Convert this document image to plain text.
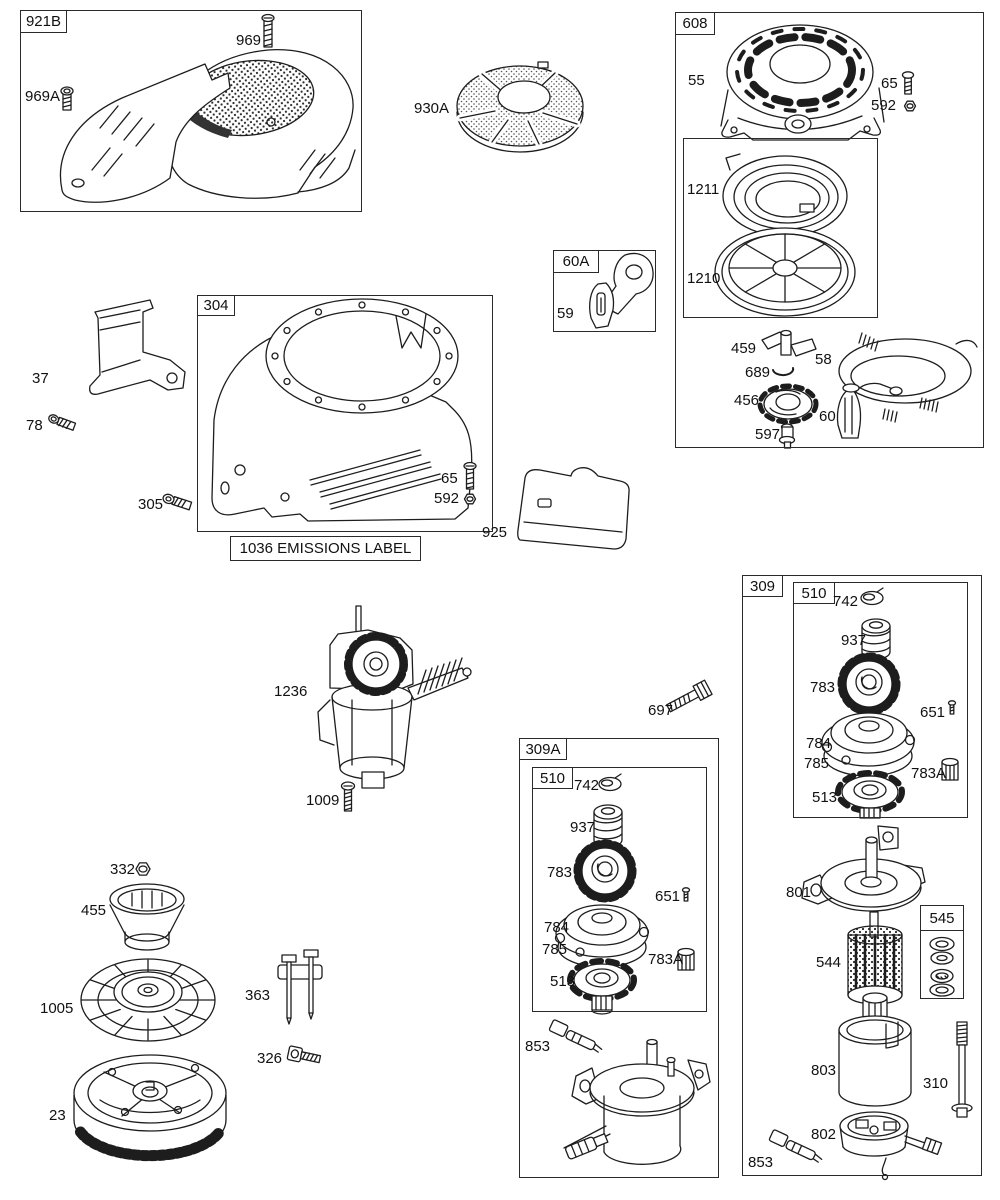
921B	608
304
60A
309A
510
309	510
545
1036 EMISSIONS LABEL
969
969A
930A
55	65
592
1211
1210
459
58
689
456
60
597
37
78
305
65
592
59
925
1236
1009
697
332
455
1005
23
363
326
742
937
783
651
784
785
783A
513
853
742
937
783
651
784
785
783A
513
801
544
803
310
802
853
